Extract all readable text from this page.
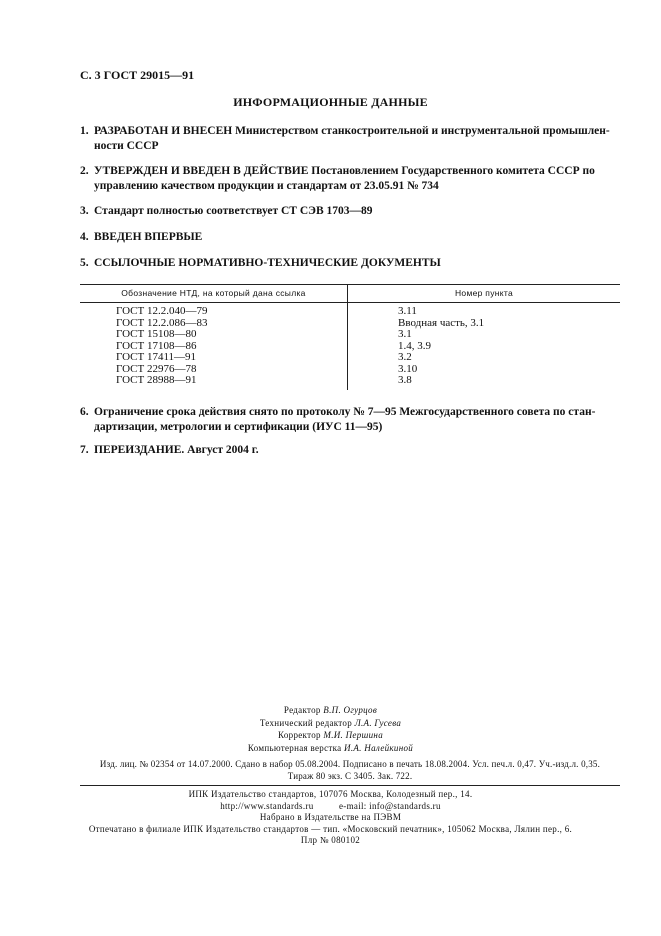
С. 3 ГОСТ 29015—91
ИНФОРМАЦИОННЫЕ ДАННЫЕ
1. РАЗРАБОТАН И ВНЕСЕН Министерством станкостроительной и инструментальной промышлен-
ности СССР
2. УТВЕРЖДЕН И ВВЕДЕН В ДЕЙСТВИЕ Постановлением Государственного комитета СССР по
управлению качеством продукции и стандартам от 23.05.91 № 734
3. Стандарт полностью соответствует СТ СЭВ 1703—89
4. ВВЕДЕН ВПЕРВЫЕ
5. ССЫЛОЧНЫЕ НОРМАТИВНО-ТЕХНИЧЕСКИЕ ДОКУМЕНТЫ
Обозначение НТД, на который дана ссылка	Номер пункта
ГОСТ 12.2.040—79	3.11
ГОСТ 12.2.086—83	Вводная часть, 3.1
ГОСТ 15108—80	3.1
ГОСТ 17108—86	1.4, 3.9
ГОСТ 17411—91	3.2
ГОСТ 22976—78	3.10
ГОСТ 28988—91	3.8
6. Ограничение срока действия снято по протоколу № 7—95 Межгосударственного совета по стан-
дартизации, метрологии и сертификации (ИУС 11—95)
7. ПЕРЕИЗДАНИЕ. Август 2004 г.
Редактор В.П. Огурцов
Технический редактор Л.А. Гусева
Корректор М.И. Першина
Компьютерная верстка И.А. Налейкиной
Изд. лиц. № 02354 от 14.07.2000. Сдано в набор 05.08.2004. Подписано в печать 18.08.2004. Усл. печ.л. 0,47. Уч.-изд.л. 0,35.
Тираж 80 экз. С 3405. Зак. 722.
ИПК Издательство стандартов, 107076 Москва, Колодезный пер., 14.
http://www.standards.ru          e-mail: info@standards.ru
Набрано в Издательстве на ПЭВМ
Отпечатано в филиале ИПК Издательство стандартов — тип. «Московский печатник», 105062 Москва, Лялин пер., 6.
Плр № 080102
